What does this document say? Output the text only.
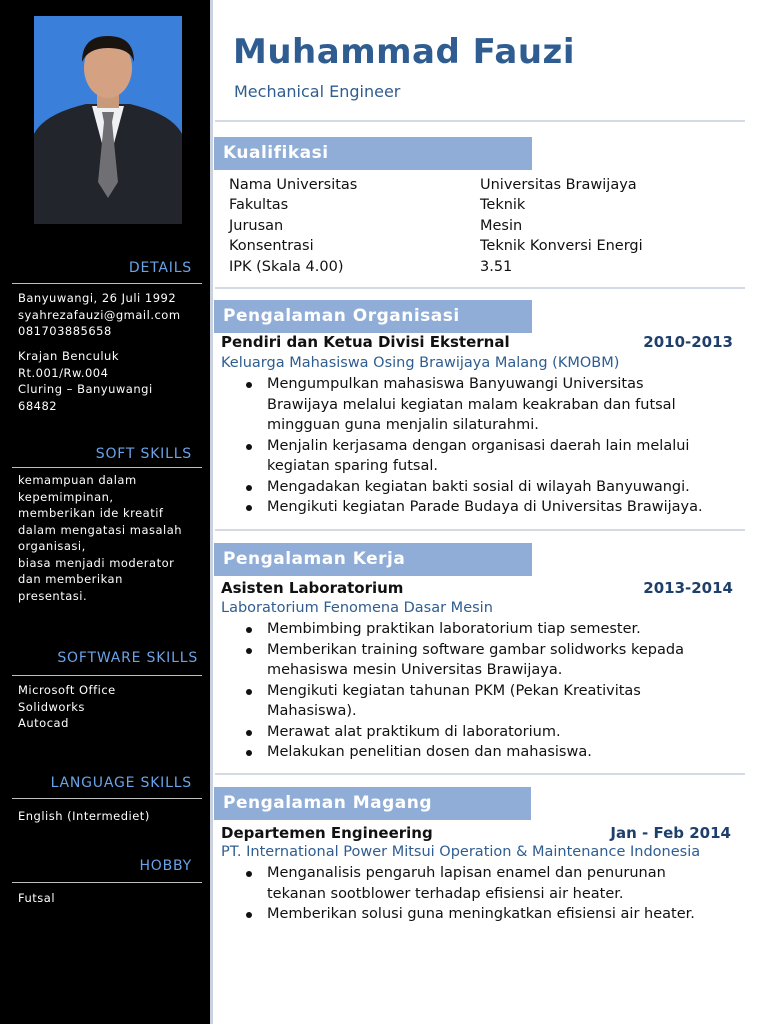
DETAILS
Banyuwangi, 26 Juli 1992
syahrezafauzi@gmail.com
081703885658
Krajan Benculuk
Rt.001/Rw.004
Cluring – Banyuwangi
68482
SOFT SKILLS
kemampuan dalam
kepemimpinan,
memberikan ide kreatif
dalam mengatasi masalah
organisasi,
biasa menjadi moderator
dan memberikan
presentasi.
SOFTWARE SKILLS
Microsoft Office
Solidworks
Autocad
LANGUAGE SKILLS
English (Intermediet)
HOBBY
Futsal
Muhammad Fauzi

Mechanical Engineer

Kualifikasi
Nama Universitas	Universitas Brawijaya
Fakultas	Teknik
Jurusan	Mesin
Konsentrasi	Teknik Konversi Energi
IPK (Skala 4.00)	3.51
Pengalaman Organisasi
Pendiri dan Ketua Divisi Eksternal	2010-2013
Keluarga Mahasiswa Osing Brawijaya Malang (KMOBM)
Mengumpulkan mahasiswa Banyuwangi Universitas
Brawijaya melalui kegiatan malam keakraban dan futsal
mingguan guna menjalin silaturahmi.
Menjalin kerjasama dengan organisasi daerah lain melalui
kegiatan sparing futsal.
Mengadakan kegiatan bakti sosial di wilayah Banyuwangi.
Mengikuti kegiatan Parade Budaya di Universitas Brawijaya.
Pengalaman Kerja
Asisten Laboratorium	2013-2014
Laboratorium Fenomena Dasar Mesin
Membimbing praktikan laboratorium tiap semester.
Memberikan training software gambar solidworks kepada
mehasiswa mesin Universitas Brawijaya.
Mengikuti kegiatan tahunan PKM (Pekan Kreativitas
Mahasiswa).
Merawat alat praktikum di laboratorium.
Melakukan penelitian dosen dan mahasiswa.
Pengalaman Magang
Departemen Engineering	Jan - Feb 2014
PT. International Power Mitsui Operation & Maintenance Indonesia
Menganalisis pengaruh lapisan enamel dan penurunan
tekanan sootblower terhadap efisiensi air heater.
Memberikan solusi guna meningkatkan efisiensi air heater.
